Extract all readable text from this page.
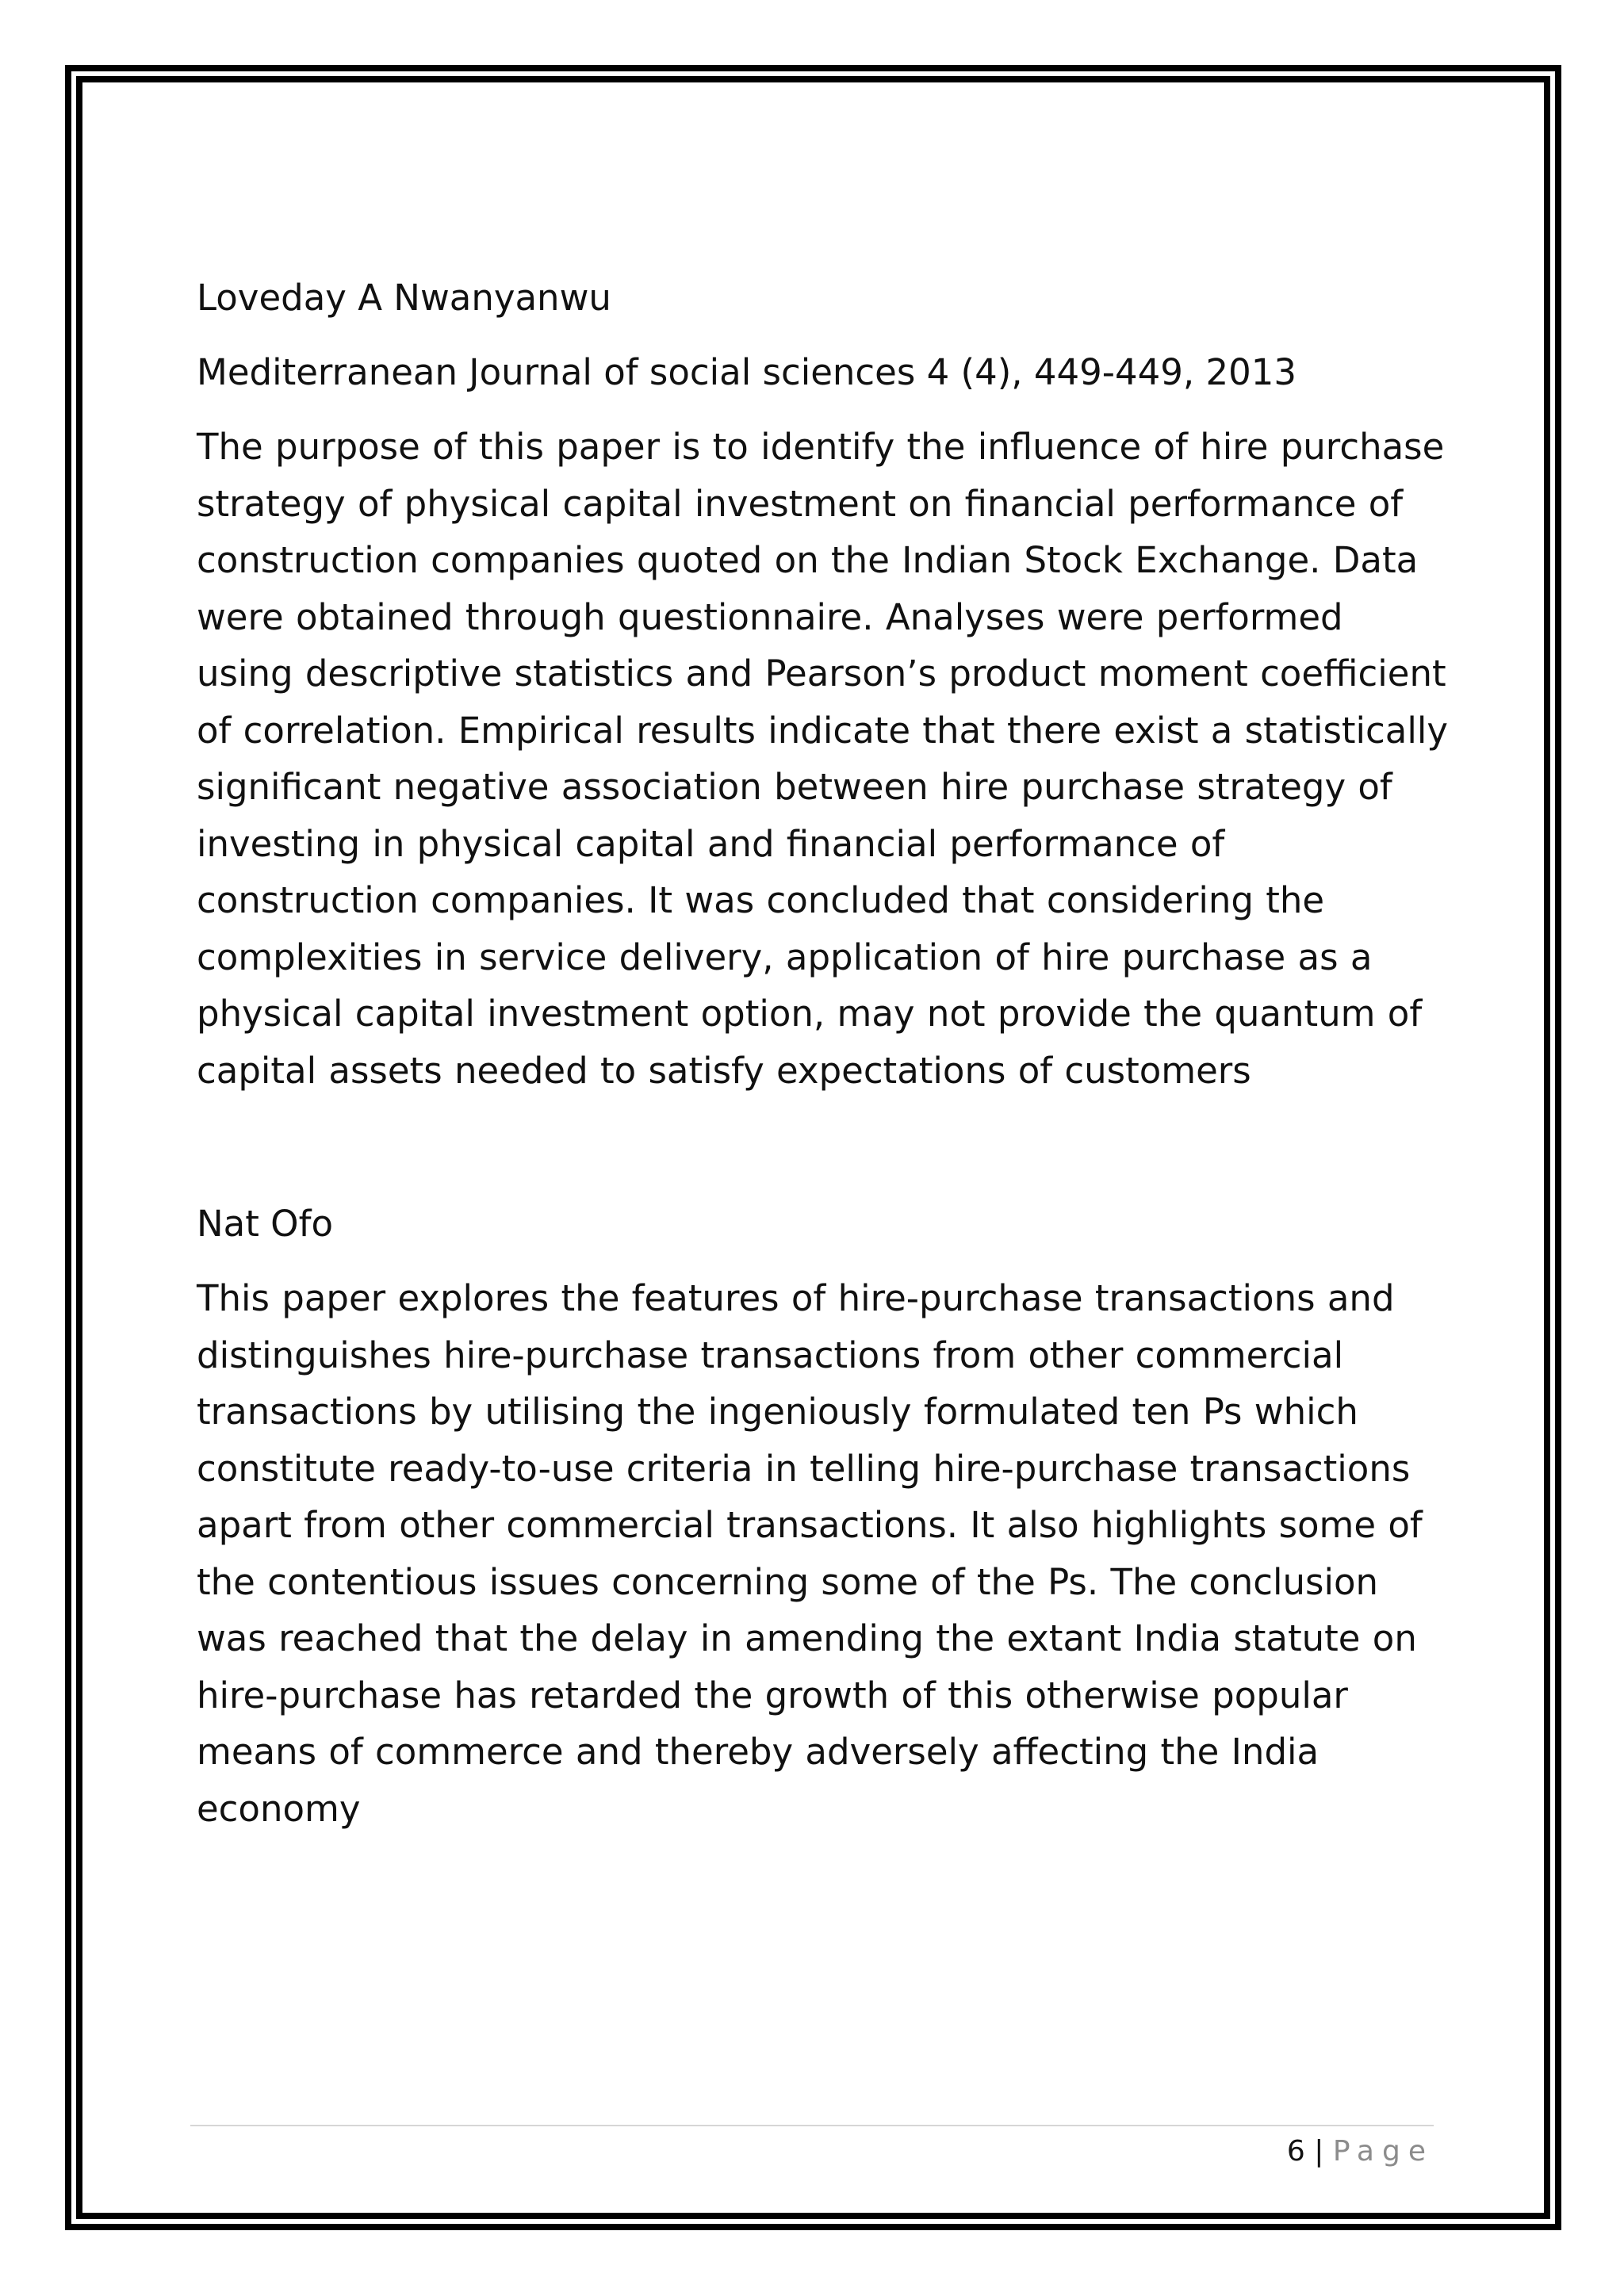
Loveday A Nwanyanwu

Mediterranean Journal of social sciences 4 (4), 449-449, 2013

The purpose of this paper is to identify the influence of hire purchase
strategy of physical capital investment on financial performance of
construction companies quoted on the Indian Stock Exchange. Data
were obtained through questionnaire. Analyses were performed
using descriptive statistics and Pearson’s product moment coefficient
of correlation. Empirical results indicate that there exist a statistically
significant negative association between hire purchase strategy of
investing in physical capital and financial performance of
construction companies. It was concluded that considering the
complexities in service delivery, application of hire purchase as a
physical capital investment option, may not provide the quantum of
capital assets needed to satisfy expectations of customers

Nat Ofo

This paper explores the features of hire-purchase transactions and
distinguishes hire-purchase transactions from other commercial
transactions by utilising the ingeniously formulated ten Ps which
constitute ready-to-use criteria in telling hire-purchase transactions
apart from other commercial transactions. It also highlights some of
the contentious issues concerning some of the Ps. The conclusion
was reached that the delay in amending the extant India statute on
hire-purchase has retarded the growth of this otherwise popular
means of commerce and thereby adversely affecting the India
economy

6 | Page
